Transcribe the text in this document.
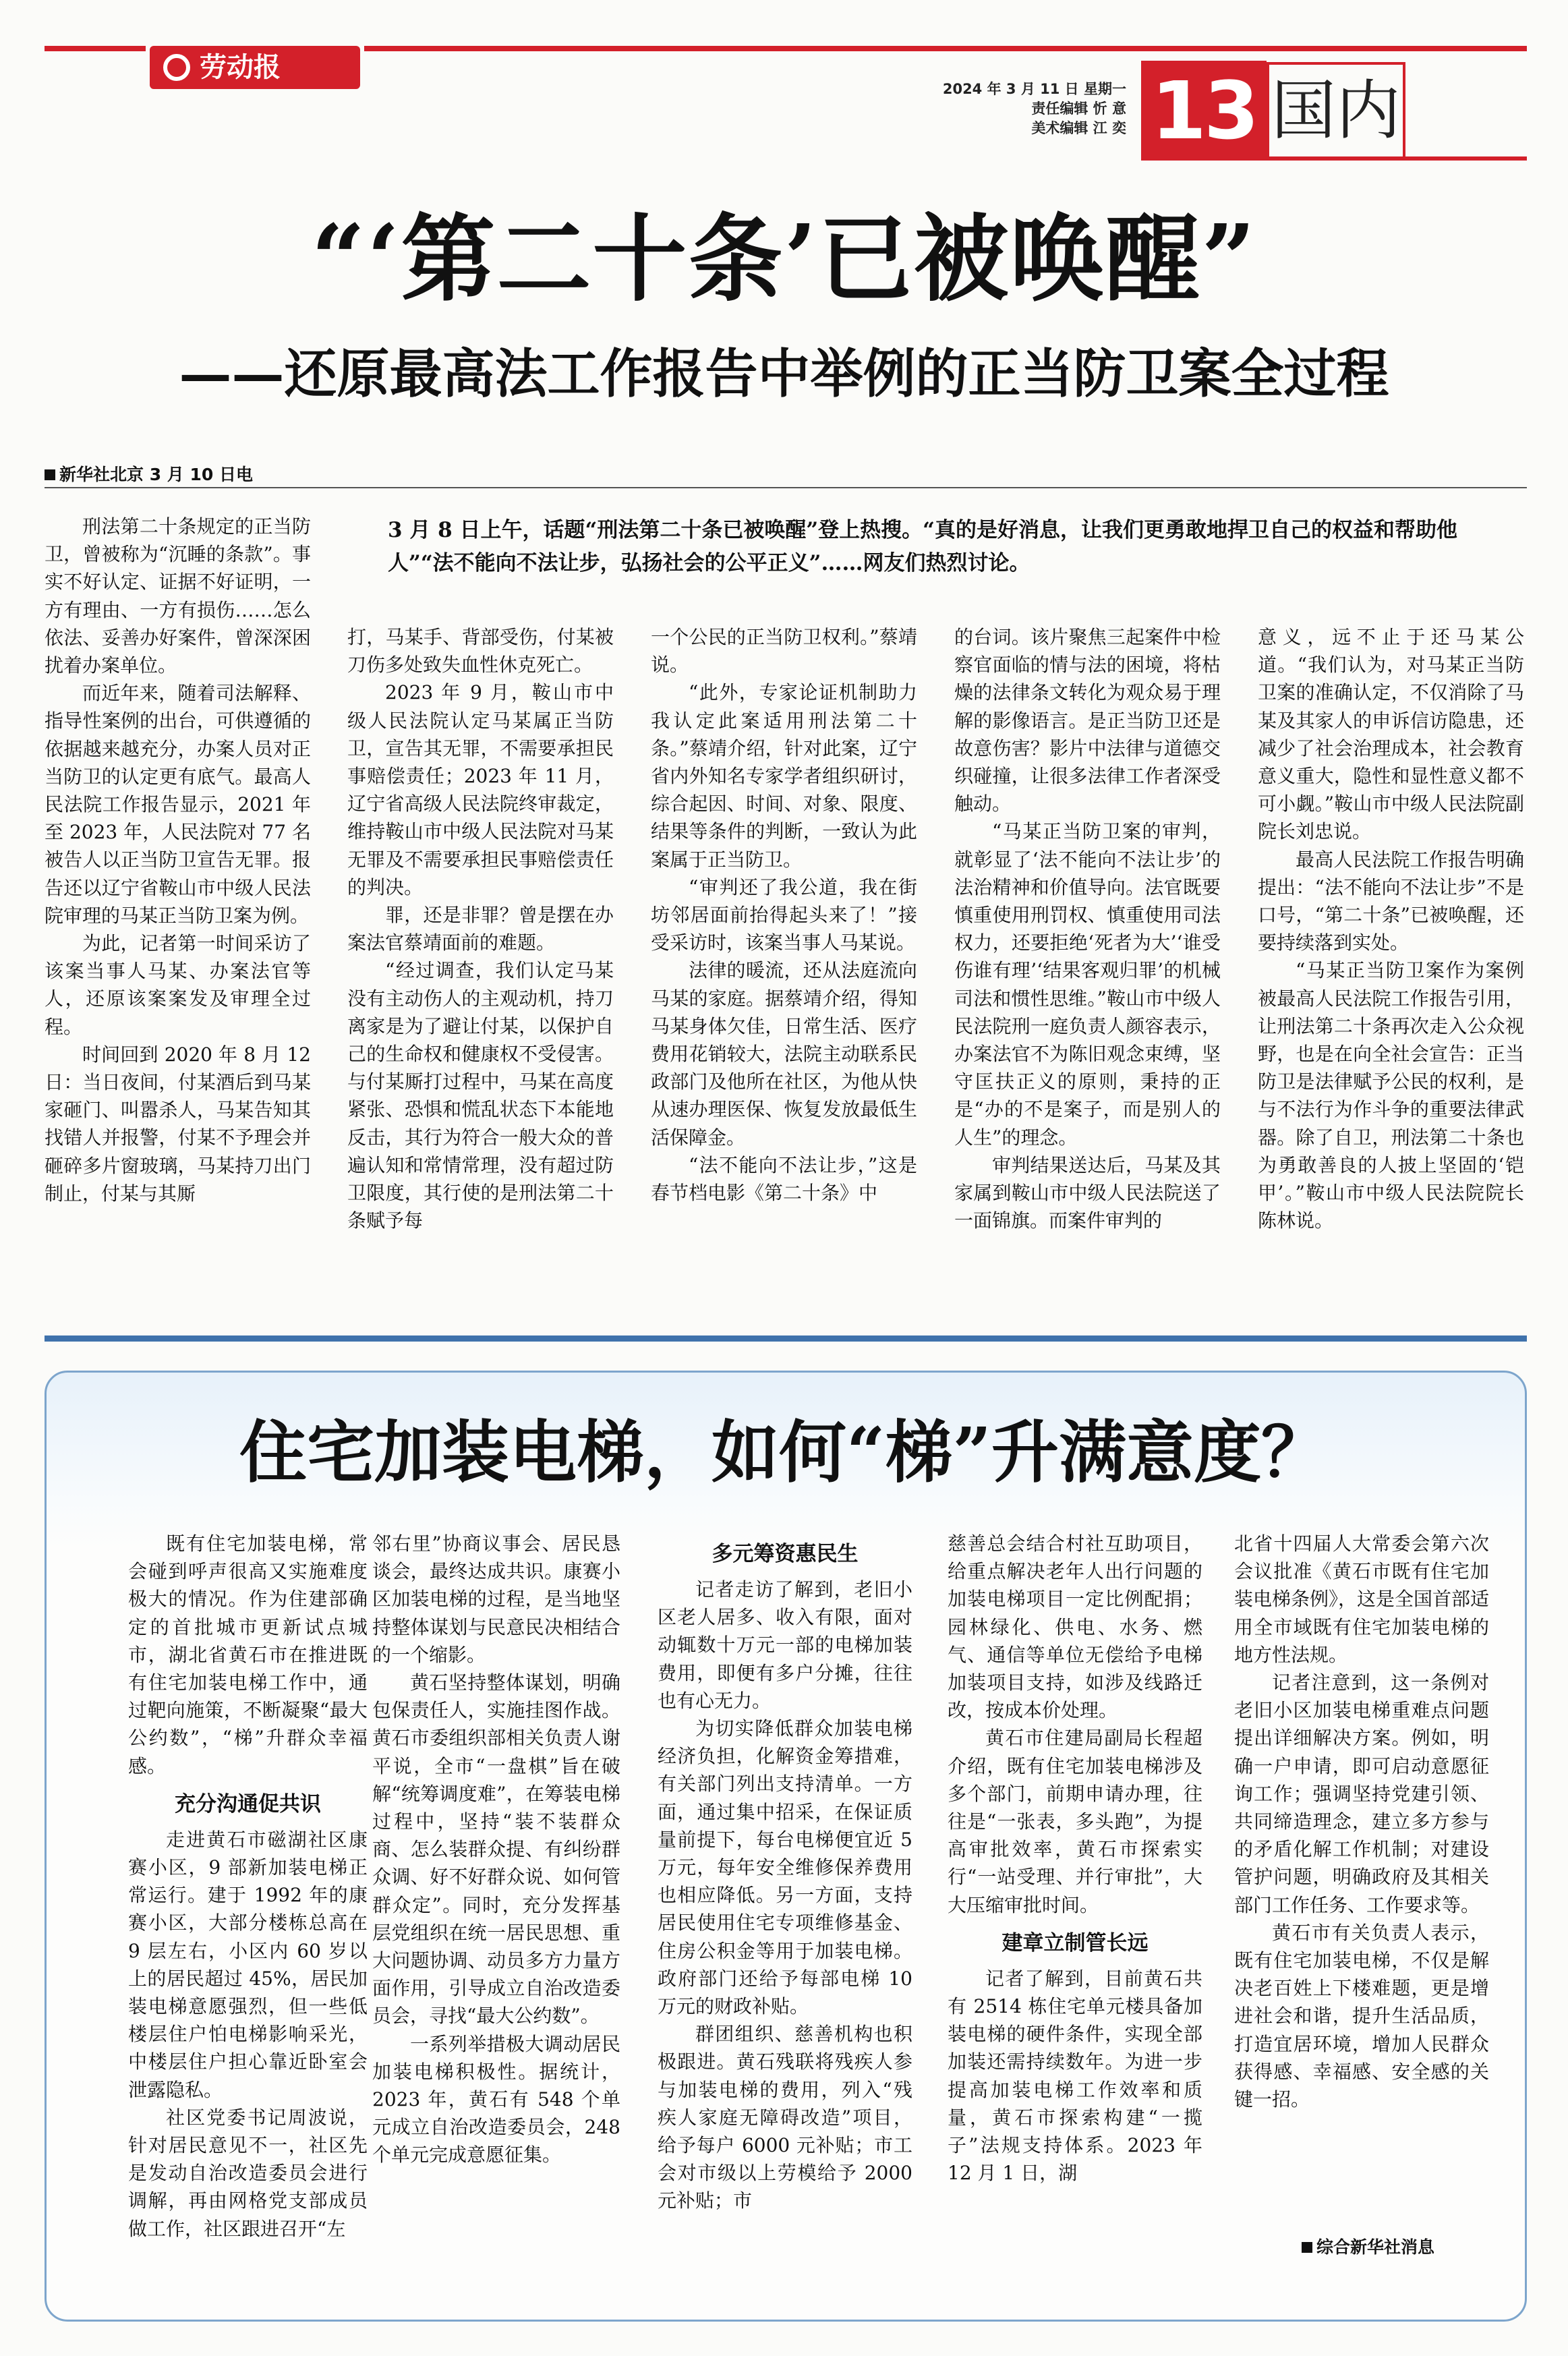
劳动报
2024 年 3 月 11 日 星期一
责任编辑 忻 意
美术编辑 江 奕 13 国内
“‘第二十条’已被唤醒”
——还原最高法工作报告中举例的正当防卫案全过程
新华社北京 3 月 10 日电
3 月 8 日上午，话题“刑法第二十条已被唤醒”登上热搜。“真的是好消息，让我们更勇敢地捍卫自己的权益和帮助他人”“法不能向不法让步，弘扬社会的公平正义”……网友们热烈讨论。

刑法第二十条规定的正当防卫，曾被称为“沉睡的条款”。事实不好认定、证据不好证明，一方有理由、一方有损伤……怎么依法、妥善办好案件，曾深深困扰着办案单位。

而近年来，随着司法解释、指导性案例的出台，可供遵循的依据越来越充分，办案人员对正当防卫的认定更有底气。最高人民法院工作报告显示，2021 年至 2023 年，人民法院对 77 名被告人以正当防卫宣告无罪。报告还以辽宁省鞍山市中级人民法院审理的马某正当防卫案为例。

为此，记者第一时间采访了该案当事人马某、办案法官等人，还原该案案发及审理全过程。

时间回到 2020 年 8 月 12 日：当日夜间，付某酒后到马某家砸门、叫嚣杀人，马某告知其找错人并报警，付某不予理会并砸碎多片窗玻璃，马某持刀出门制止，付某与其厮

打，马某手、背部受伤，付某被刀伤多处致失血性休克死亡。

2023 年 9 月，鞍山市中级人民法院认定马某属正当防卫，宣告其无罪，不需要承担民事赔偿责任；2023 年 11 月，辽宁省高级人民法院终审裁定，维持鞍山市中级人民法院对马某无罪及不需要承担民事赔偿责任的判决。

罪，还是非罪？曾是摆在办案法官蔡靖面前的难题。

“经过调查，我们认定马某没有主动伤人的主观动机，持刀离家是为了避让付某，以保护自己的生命权和健康权不受侵害。与付某厮打过程中，马某在高度紧张、恐惧和慌乱状态下本能地反击，其行为符合一般大众的普遍认知和常情常理，没有超过防卫限度，其行使的是刑法第二十条赋予每

一个公民的正当防卫权利。”蔡靖说。

“此外，专家论证机制助力我认定此案适用刑法第二十条。”蔡靖介绍，针对此案，辽宁省内外知名专家学者组织研讨，综合起因、时间、对象、限度、结果等条件的判断，一致认为此案属于正当防卫。

“审判还了我公道，我在街坊邻居面前抬得起头来了！”接受采访时，该案当事人马某说。

法律的暖流，还从法庭流向马某的家庭。据蔡靖介绍，得知马某身体欠佳，日常生活、医疗费用花销较大，法院主动联系民政部门及他所在社区，为他从快从速办理医保、恢复发放最低生活保障金。

“法不能向不法让步，”这是春节档电影《第二十条》中

的台词。该片聚焦三起案件中检察官面临的情与法的困境，将枯燥的法律条文转化为观众易于理解的影像语言。是正当防卫还是故意伤害？影片中法律与道德交织碰撞，让很多法律工作者深受触动。

“马某正当防卫案的审判，就彰显了‘法不能向不法让步’的法治精神和价值导向。法官既要慎重使用刑罚权、慎重使用司法权力，还要拒绝‘死者为大’‘谁受伤谁有理’‘结果客观归罪’的机械司法和惯性思维。”鞍山市中级人民法院刑一庭负责人颜容表示，办案法官不为陈旧观念束缚，坚守匡扶正义的原则，秉持的正是“办的不是案子，而是别人的人生”的理念。

审判结果送达后，马某及其家属到鞍山市中级人民法院送了一面锦旗。而案件审判的

意义，远不止于还马某公道。“我们认为，对马某正当防卫案的准确认定，不仅消除了马某及其家人的申诉信访隐患，还减少了社会治理成本，社会教育意义重大，隐性和显性意义都不可小觑。”鞍山市中级人民法院副院长刘忠说。

最高人民法院工作报告明确提出：“法不能向不法让步”不是口号，“第二十条”已被唤醒，还要持续落到实处。

“马某正当防卫案作为案例被最高人民法院工作报告引用，让刑法第二十条再次走入公众视野，也是在向全社会宣告：正当防卫是法律赋予公民的权利，是与不法行为作斗争的重要法律武器。除了自卫，刑法第二十条也为勇敢善良的人披上坚固的‘铠甲’。”鞍山市中级人民法院院长陈林说。

住宅加装电梯，如何“梯”升满意度？

既有住宅加装电梯，常会碰到呼声很高又实施难度极大的情况。作为住建部确定的首批城市更新试点城市，湖北省黄石市在推进既有住宅加装电梯工作中，通过靶向施策，不断凝聚“最大公约数”，“梯”升群众幸福感。

充分沟通促共识

走进黄石市磁湖社区康赛小区，9 部新加装电梯正常运行。建于 1992 年的康赛小区，大部分楼栋总高在 9 层左右，小区内 60 岁以上的居民超过 45%，居民加装电梯意愿强烈，但一些低楼层住户怕电梯影响采光，中楼层住户担心靠近卧室会泄露隐私。

社区党委书记周波说，针对居民意见不一，社区先是发动自治改造委员会进行调解，再由网格党支部成员做工作，社区跟进召开“左

邻右里”协商议事会、居民恳谈会，最终达成共识。康赛小区加装电梯的过程，是当地坚持整体谋划与民意民决相结合的一个缩影。

黄石坚持整体谋划，明确包保责任人，实施挂图作战。黄石市委组织部相关负责人谢平说，全市“一盘棋”旨在破解“统筹调度难”，在筹装电梯过程中，坚持“装不装群众商、怎么装群众提、有纠纷群众调、好不好群众说、如何管群众定”。同时，充分发挥基层党组织在统一居民思想、重大问题协调、动员多方力量方面作用，引导成立自治改造委员会，寻找“最大公约数”。

一系列举措极大调动居民加装电梯积极性。据统计，2023 年，黄石有 548 个单元成立自治改造委员会，248 个单元完成意愿征集。

多元筹资惠民生

记者走访了解到，老旧小区老人居多、收入有限，面对动辄数十万元一部的电梯加装费用，即便有多户分摊，往往也有心无力。

为切实降低群众加装电梯经济负担，化解资金筹措难，有关部门列出支持清单。一方面，通过集中招采，在保证质量前提下，每台电梯便宜近 5 万元，每年安全维修保养费用也相应降低。另一方面，支持居民使用住宅专项维修基金、住房公积金等用于加装电梯。政府部门还给予每部电梯 10 万元的财政补贴。

群团组织、慈善机构也积极跟进。黄石残联将残疾人参与加装电梯的费用，列入“残疾人家庭无障碍改造”项目，给予每户 6000 元补贴；市工会对市级以上劳模给予 2000 元补贴；市

慈善总会结合村社互助项目，给重点解决老年人出行问题的加装电梯项目一定比例配捐；园林绿化、供电、水务、燃气、通信等单位无偿给予电梯加装项目支持，如涉及线路迁改，按成本价处理。

黄石市住建局副局长程超介绍，既有住宅加装电梯涉及多个部门，前期申请办理，往往是“一张表，多头跑”，为提高审批效率，黄石市探索实行“一站受理、并行审批”，大大压缩审批时间。

建章立制管长远

记者了解到，目前黄石共有 2514 栋住宅单元楼具备加装电梯的硬件条件，实现全部加装还需持续数年。为进一步提高加装电梯工作效率和质量，黄石市探索构建“一揽子”法规支持体系。2023 年 12 月 1 日，湖

北省十四届人大常委会第六次会议批准《黄石市既有住宅加装电梯条例》，这是全国首部适用全市域既有住宅加装电梯的地方性法规。

记者注意到，这一条例对老旧小区加装电梯重难点问题提出详细解决方案。例如，明确一户申请，即可启动意愿征询工作；强调坚持党建引领、共同缔造理念，建立多方参与的矛盾化解工作机制；对建设管护问题，明确政府及其相关部门工作任务、工作要求等。

黄石市有关负责人表示，既有住宅加装电梯，不仅是解决老百姓上下楼难题，更是增进社会和谐，提升生活品质，打造宜居环境，增加人民群众获得感、幸福感、安全感的关键一招。

综合新华社消息
